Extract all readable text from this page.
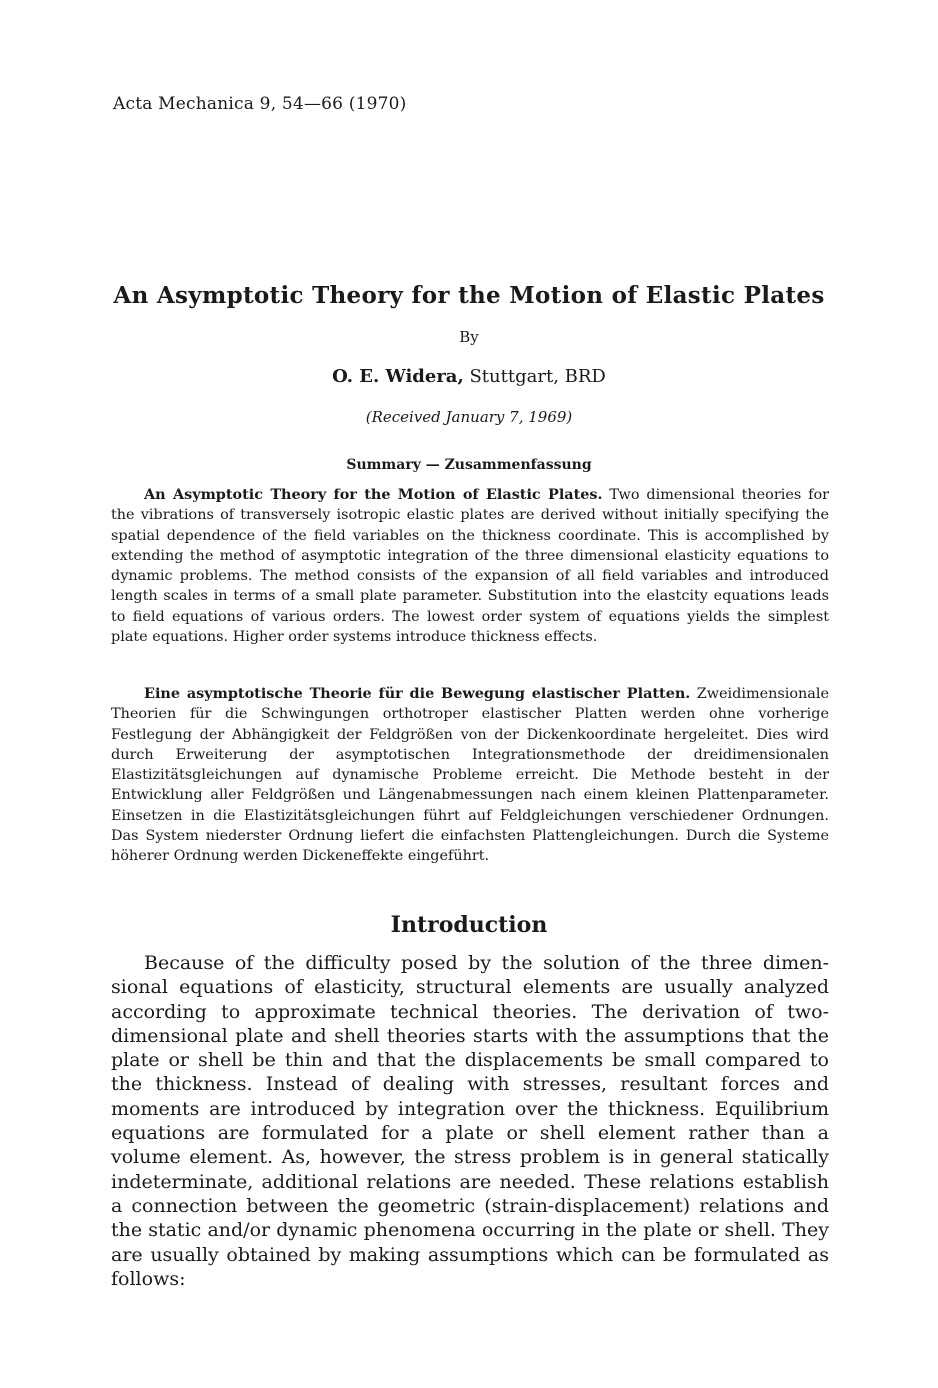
Acta Mechanica 9, 54—66 (1970)
An Asymptotic Theory for the Motion of Elastic Plates
By
O. E. Widera, Stuttgart, BRD
(Received January 7, 1969)
Summary — Zusammenfassung

An Asymptotic Theory for the Motion of Elastic Plates. Two dimensional theories for the vibrations of transversely isotropic elastic plates are derived without initially specifying the spatial dependence of the field variables on the thickness coordinate. This is accomplished by extending the method of asymptotic integration of the three dimensional elasticity equations to dynamic problems. The method consists of the expansion of all field variables and introduced length scales in terms of a small plate parameter. Substitution into the elastcity equations leads to field equations of various orders. The lowest order system of equations yields the simplest plate equations. Higher order systems introduce thickness effects.

Eine asymptotische Theorie für die Bewegung elastischer Platten. Zweidimensionale Theorien für die Schwingungen orthotroper elastischer Platten werden ohne vorherige Festlegung der Abhängigkeit der Feldgrößen von der Dickenkoordinate hergeleitet. Dies wird durch Erweiterung der asymptotischen Integrationsmethode der dreidimensionalen Elastizitätsgleichungen auf dynamische Probleme erreicht. Die Methode besteht in der Entwicklung aller Feldgrößen und Längenabmessungen nach einem kleinen Plattenparameter. Einsetzen in die Elastizitätsgleichungen führt auf Feldgleichungen verschiedener Ordnungen. Das System niederster Ordnung liefert die einfachsten Plattengleichungen. Durch die Systeme höherer Ordnung werden Dickeneffekte eingeführt.

Introduction

Because of the difficulty posed by the solution of the three dimensional equations of elasticity, structural elements are usually analyzed according to approximate technical theories. The derivation of two-dimensional plate and shell theories starts with the assumptions that the plate or shell be thin and that the displacements be small compared to the thickness. Instead of dealing with stresses, resultant forces and moments are introduced by integration over the thickness. Equilibrium equations are formulated for a plate or shell element rather than a volume element. As, however, the stress problem is in general statically indeterminate, additional relations are needed. These relations establish a connection between the geometric (strain-displacement) relations and the static and/or dynamic phenomena occurring in the plate or shell. They are usually obtained by making assumptions which can be formulated as follows:
